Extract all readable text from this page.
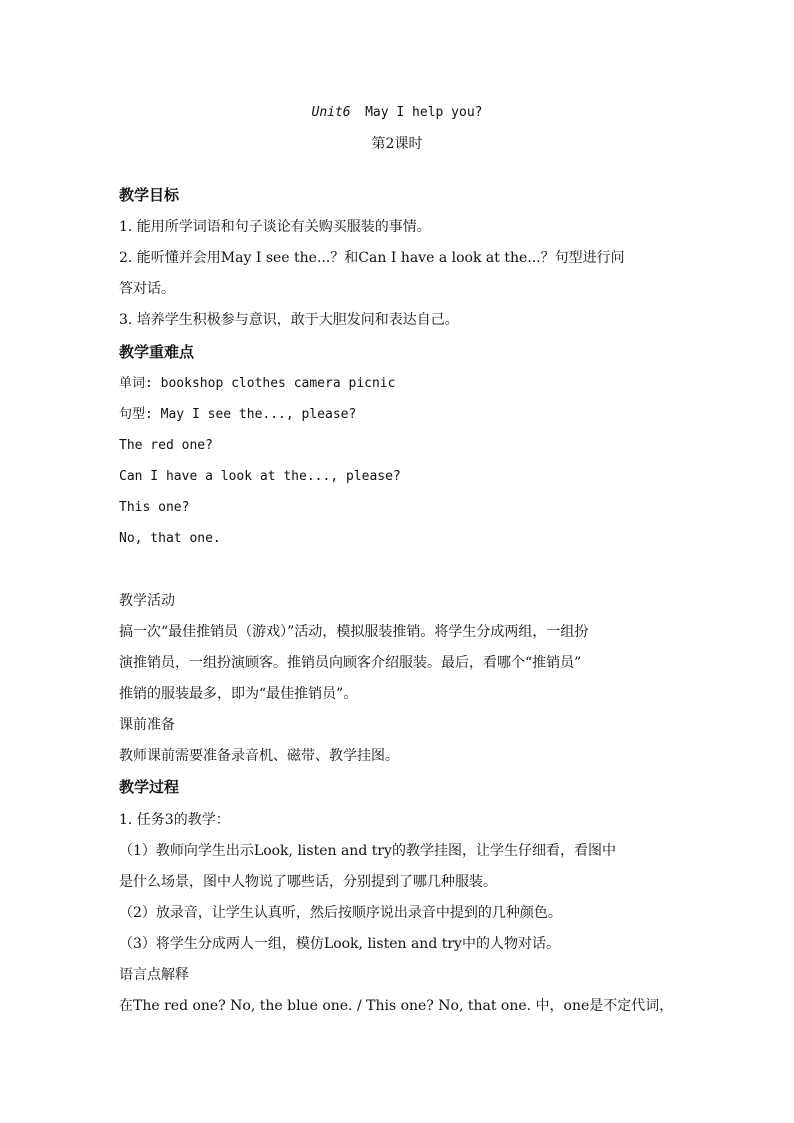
Unit6 May I help you?
第2课时
教学目标
1. 能用所学词语和句子谈论有关购买服装的事情。
2. 能听懂并会用May I see the...？和Can I have a look at the...？句型进行问
答对话。
3. 培养学生积极参与意识，敢于大胆发问和表达自己。
教学重难点
单词: bookshop clothes camera picnic
句型: May I see the..., please?
The red one?
Can I have a look at the..., please?
This one?
No, that one.
教学活动
搞一次“最佳推销员（游戏）”活动，模拟服装推销。将学生分成两组，一组扮
演推销员，一组扮演顾客。推销员向顾客介绍服装。最后，看哪个“推销员”
推销的服装最多，即为“最佳推销员”。
课前准备
教师课前需要准备录音机、磁带、教学挂图。
教学过程
1. 任务3的教学：
（1）教师向学生出示Look, listen and try的教学挂图，让学生仔细看，看图中
是什么场景，图中人物说了哪些话，分别提到了哪几种服装。
（2）放录音，让学生认真听，然后按顺序说出录音中提到的几种颜色。
（3）将学生分成两人一组，模仿Look, listen and try中的人物对话。
语言点解释
在The red one? No, the blue one. / This one? No, that one. 中，one是不定代词，
